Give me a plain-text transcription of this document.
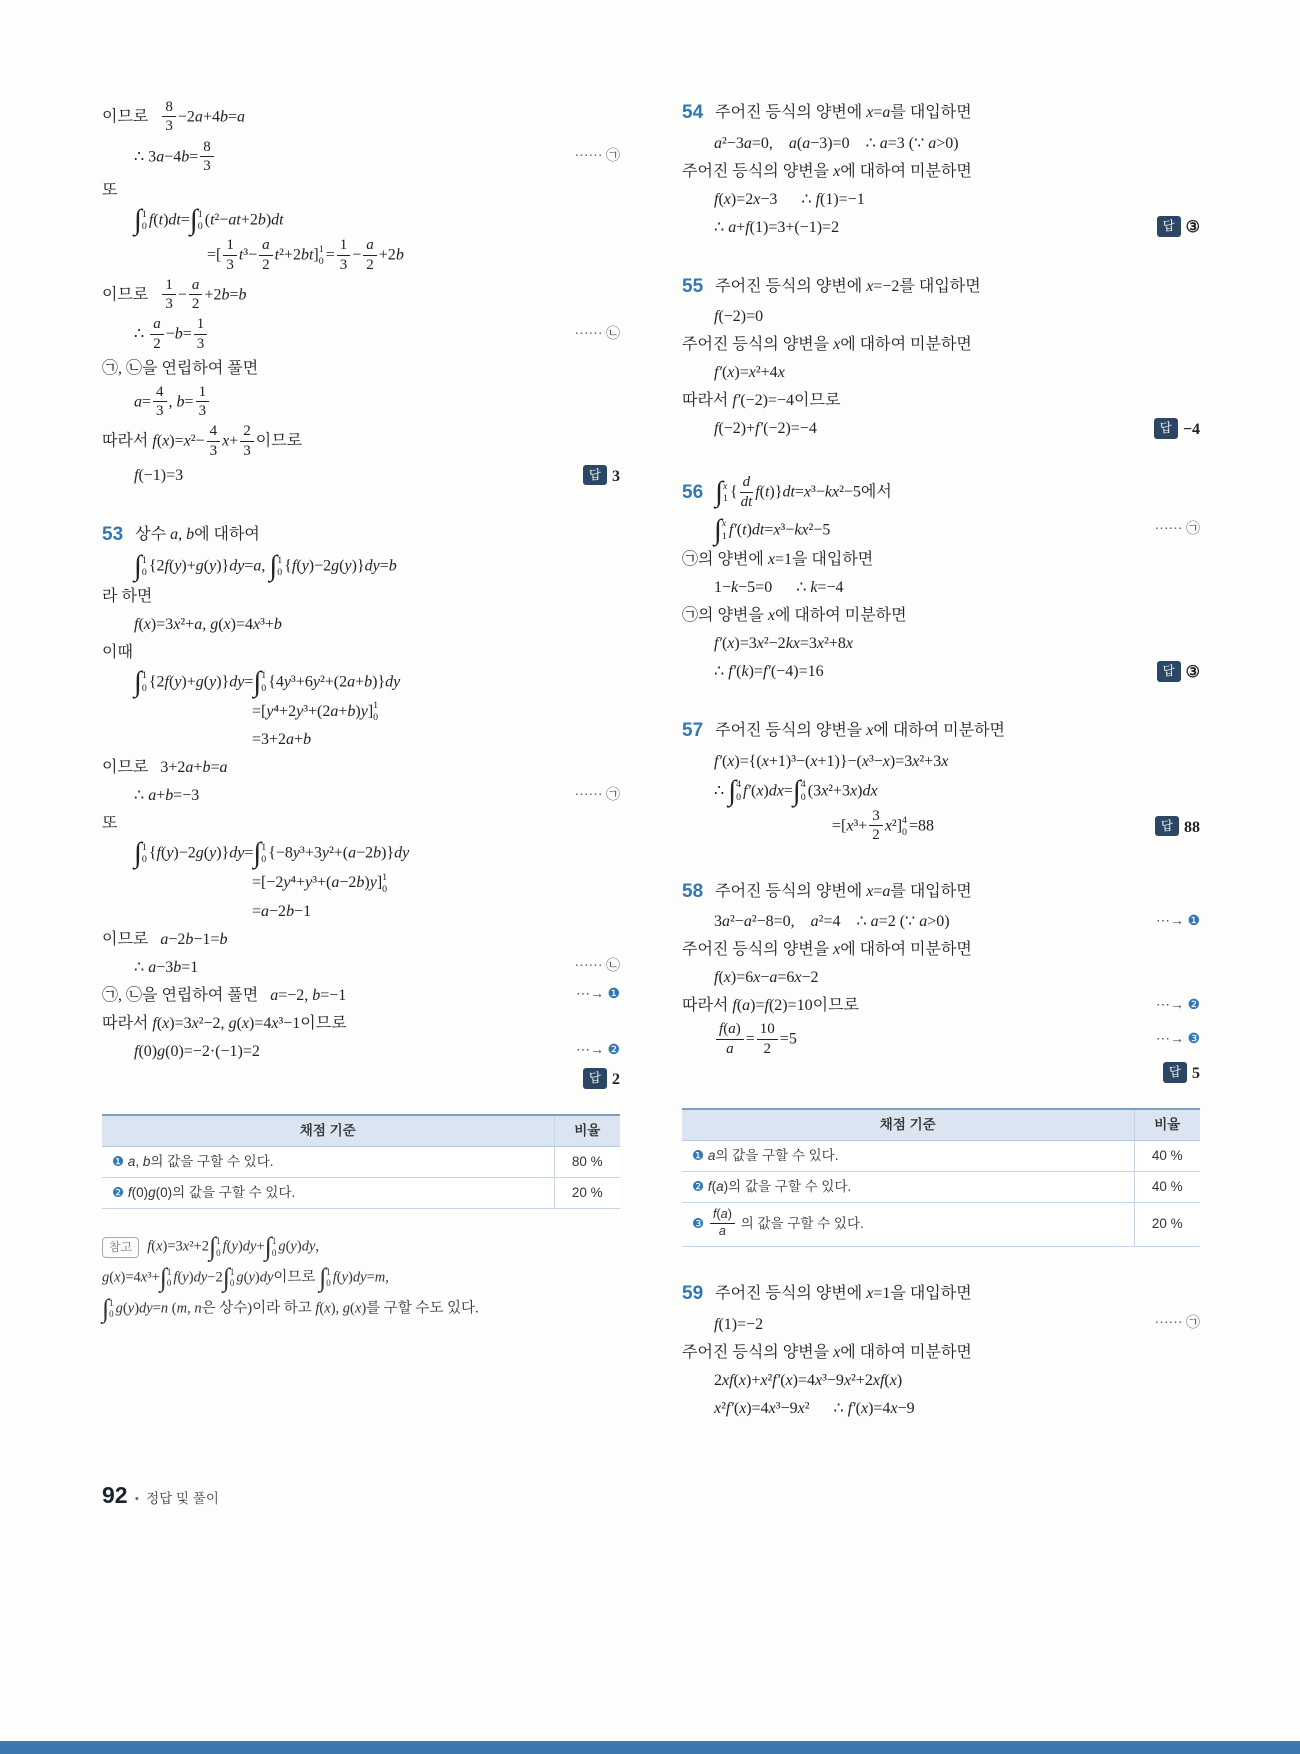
이므로 $\frac{8}{3} -2a+4b=a$
∴ $3a-4b= \frac{8}{3}$	······ ㉠
또
∫ 1
0 f(t)dt= ∫ 1
0 (t²−at+2b)dt
=[ $\frac{1}{3} t^3- \frac{a}{2} t^2+2bt$] 1
$0 = \frac{1}{3} - \frac{a}{2} +2b$
이므로 $\frac{1}{3} - \frac{a}{2} +2b=b$
∴ $\frac{a}{2} -b= \frac{1}{3}$	······ ㉡
㉠, ㉡을 연립하여 풀면
$a= \frac{4}{3}$ , $b= \frac{1}{3}$
따라서 $f(x)=x^2- \frac{4}{3} x+ \frac{2}{3}$ 이므로
f(−1)=3	답 3
53 상수 a, b에 대하여
∫ 1
0 {2f(y)+g(y)}dy=a, ∫ 1
0 {f(y)−2g(y)}dy=b
라 하면
f(x)=3x²+a, g(x)=4x³+b
이때
∫ 1
0 {2f(y)+g(y)}dy= ∫ 1
0 {4y³+6y²+(2a+b)}dy
=[y⁴+2y³+(2a+b)y] 1
0
=3+2a+b
이므로   3+2a+b=a
∴ a+b=−3	······ ㉠
또
∫ 1
0 {f(y)−2g(y)}dy= ∫ 1
0 {−8y³+3y²+(a−2b)}dy
=[−2y⁴+y³+(a−2b)y] 1
0
=a−2b−1
이므로   a−2b−1=b
∴ a−3b=1	······ ㉡
㉠, ㉡을 연립하여 풀면   a=−2, b=−1	⋯→ ❶
따라서 f(x)=3x²−2, g(x)=4x³−1이므로
f(0)g(0)=−2·(−1)=2	⋯→ ❷
답 2
채점 기준	비율
❶ a, b의 값을 구할 수 있다.	80 %
❷ f(0)g(0)의 값을 구할 수 있다.	20 %
참고	f(x)=3x²+2 ∫ 1
0 f(y)dy+ ∫ 1
0 g(y)dy,
g(x)=4x³+ ∫ 1
0 f(y)dy−2 ∫ 1
0 g(y)dy이므로 ∫ 1
0 f(y)dy=m,
∫ 1
0 g(y)dy=n (m, n은 상수)이라 하고 f(x), g(x)를 구할 수도 있다.
54 주어진 등식의 양변에 x=a를 대입하면
a²−3a=0,    a(a−3)=0    ∴ a=3 (∵ a>0)
주어진 등식의 양변을 x에 대하여 미분하면
f(x)=2x−3      ∴ f(1)=−1
∴ a+f(1)=3+(−1)=2	답 ③
55 주어진 등식의 양변에 x=−2를 대입하면
f(−2)=0
주어진 등식의 양변을 x에 대하여 미분하면
f′(x)=x²+4x
따라서 f′(−2)=−4이므로
f(−2)+f′(−2)=−4	답 −4
56 ∫ x
1 { $\frac{d}{dt} f(t)\}dt=x^3-kx^2-5$에서
∫ x
1 f′(t)dt=x³−kx²−5	······ ㉠
㉠의 양변에 x=1을 대입하면
1−k−5=0      ∴ k=−4
㉠의 양변을 x에 대하여 미분하면
f′(x)=3x²−2kx=3x²+8x
∴ f′(k)=f′(−4)=16	답 ③
57 주어진 등식의 양변을 x에 대하여 미분하면
f′(x)={(x+1)³−(x+1)}−(x³−x)=3x²+3x
∴ ∫ 4
0 f′(x)dx= ∫ 4
0 (3x²+3x)dx
$=[x^3+ \frac{3}{2} x^2]$ 4
0 =88	답 88
58 주어진 등식의 양변에 x=a를 대입하면
3a²−a²−8=0,    a²=4    ∴ a=2 (∵ a>0)	⋯→ ❶
주어진 등식의 양변을 x에 대하여 미분하면
f(x)=6x−a=6x−2
따라서 f(a)=f(2)=10이므로	⋯→ ❷
$\frac{f(a)}{a} = \frac{10}{2} =5$	⋯→ ❸
답 5
채점 기준	비율
❶ a의 값을 구할 수 있다.	40 %
❷ f(a)의 값을 구할 수 있다.	40 %
❸ $\frac{f(a)}{a}$ 의 값을 구할 수 있다.	20 %
59 주어진 등식의 양변에 x=1을 대입하면
f(1)=−2	······ ㉠
주어진 등식의 양변을 x에 대하여 미분하면
2xf(x)+x²f′(x)=4x³−9x²+2xf(x)
x²f′(x)=4x³−9x²      ∴ f′(x)=4x−9
92 • 정답 및 풀이
